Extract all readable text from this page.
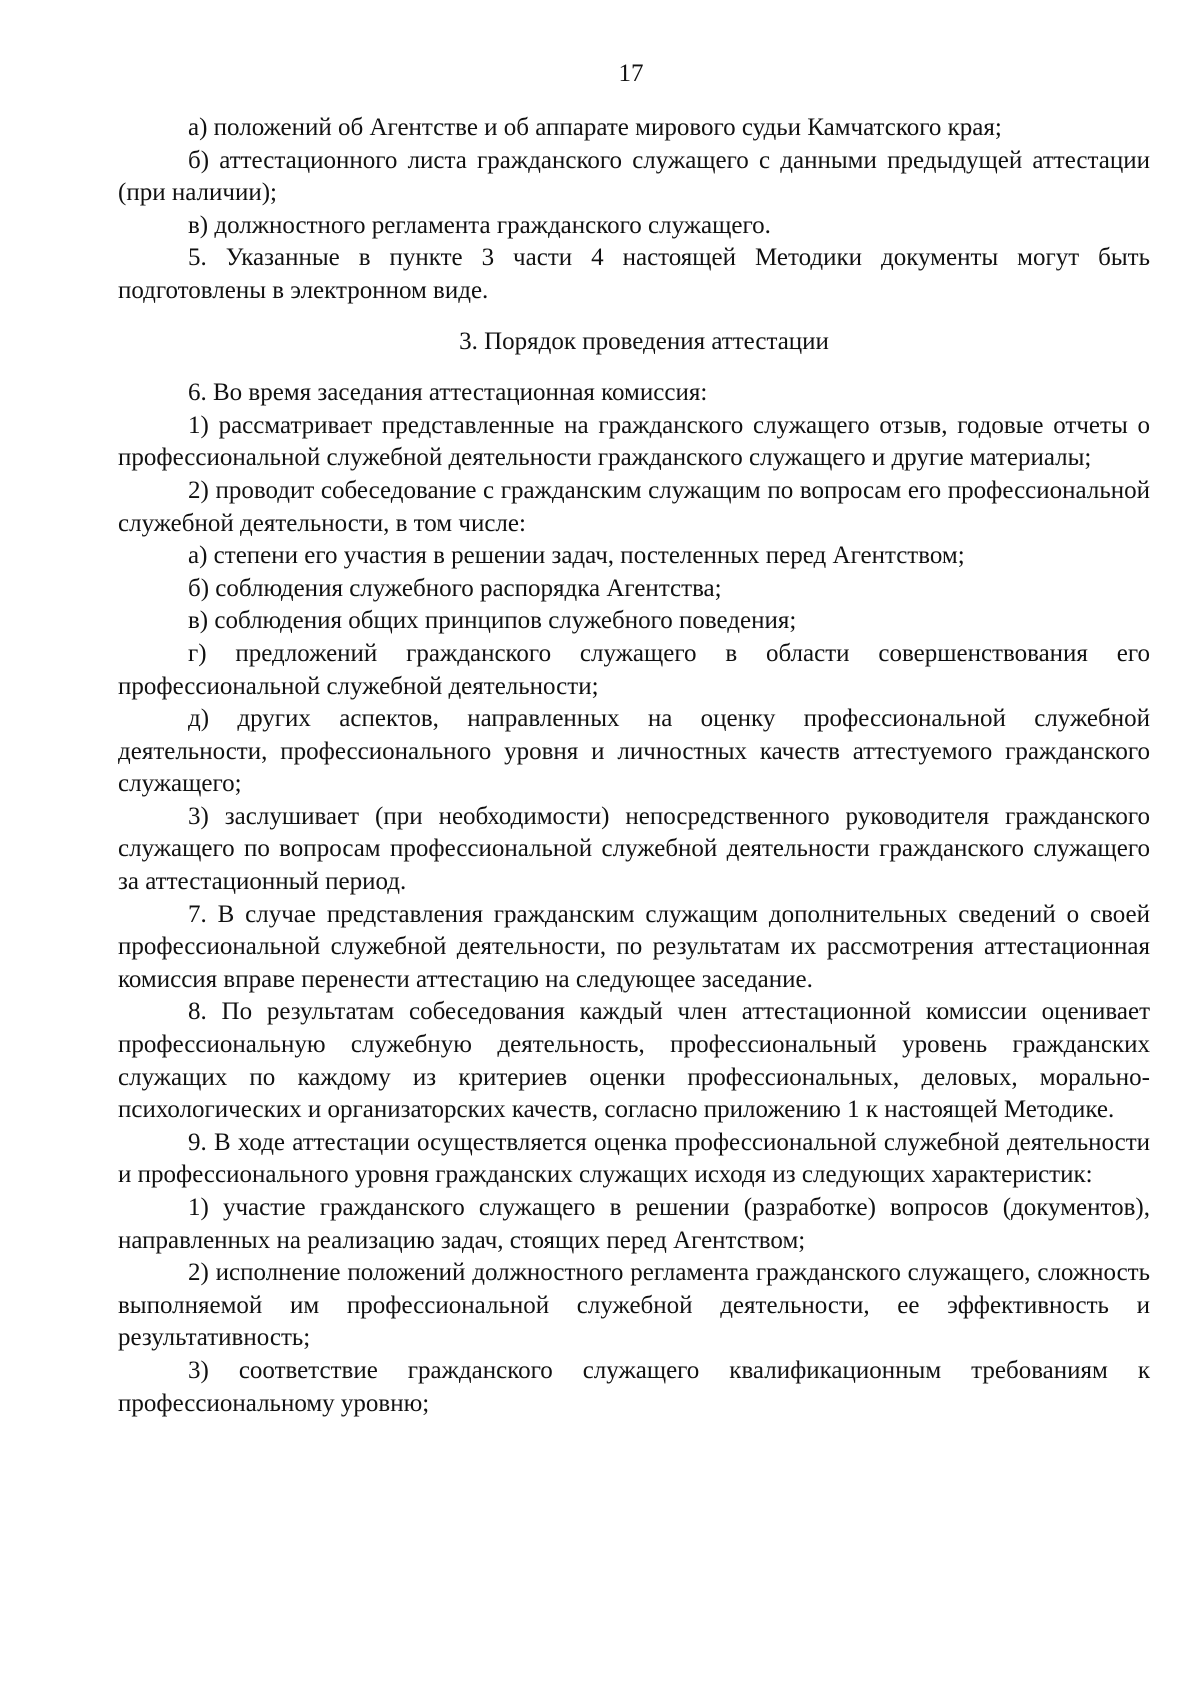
17

а) положений об Агентстве и об аппарате мирового судьи Камчатского края;

б) аттестационного листа гражданского служащего с данными предыдущей аттестации (при наличии);

в) должностного регламента гражданского служащего.

5. Указанные в пункте 3 части 4 настоящей Методики документы могут быть подготовлены в электронном виде.

3. Порядок проведения аттестации

6. Во время заседания аттестационная комиссия:

1) рассматривает представленные на гражданского служащего отзыв, годовые отчеты о профессиональной служебной деятельности гражданского служащего и другие материалы;

2) проводит собеседование с гражданским служащим по вопросам его профессиональной служебной деятельности, в том числе:

а) степени его участия в решении задач, постеленных перед Агентством;

б) соблюдения служебного распорядка Агентства;

в) соблюдения общих принципов служебного поведения;

г) предложений гражданского служащего в области совершенствования его профессиональной служебной деятельности;

д) других аспектов, направленных на оценку профессиональной служебной деятельности, профессионального уровня и личностных качеств аттестуемого гражданского служащего;

3) заслушивает (при необходимости) непосредственного руководителя гражданского служащего по вопросам профессиональной служебной деятельности гражданского служащего за аттестационный период.

7. В случае представления гражданским служащим дополнительных сведений о своей профессиональной служебной деятельности, по результатам их рассмотрения аттестационная комиссия вправе перенести аттестацию на следующее заседание.

8. По результатам собеседования каждый член аттестационной комиссии оценивает профессиональную служебную деятельность, профессиональный уровень гражданских служащих по каждому из критериев оценки профессиональных, деловых, морально-психологических и организаторских качеств, согласно приложению 1 к настоящей Методике.

9. В ходе аттестации осуществляется оценка профессиональной служебной деятельности и профессионального уровня гражданских служащих исходя из следующих характеристик:

1) участие гражданского служащего в решении (разработке) вопросов (документов), направленных на реализацию задач, стоящих перед Агентством;

2) исполнение положений должностного регламента гражданского служащего, сложность выполняемой им профессиональной служебной деятельности, ее эффективность и результативность;

3) соответствие гражданского служащего квалификационным требованиям к профессиональному уровню;
